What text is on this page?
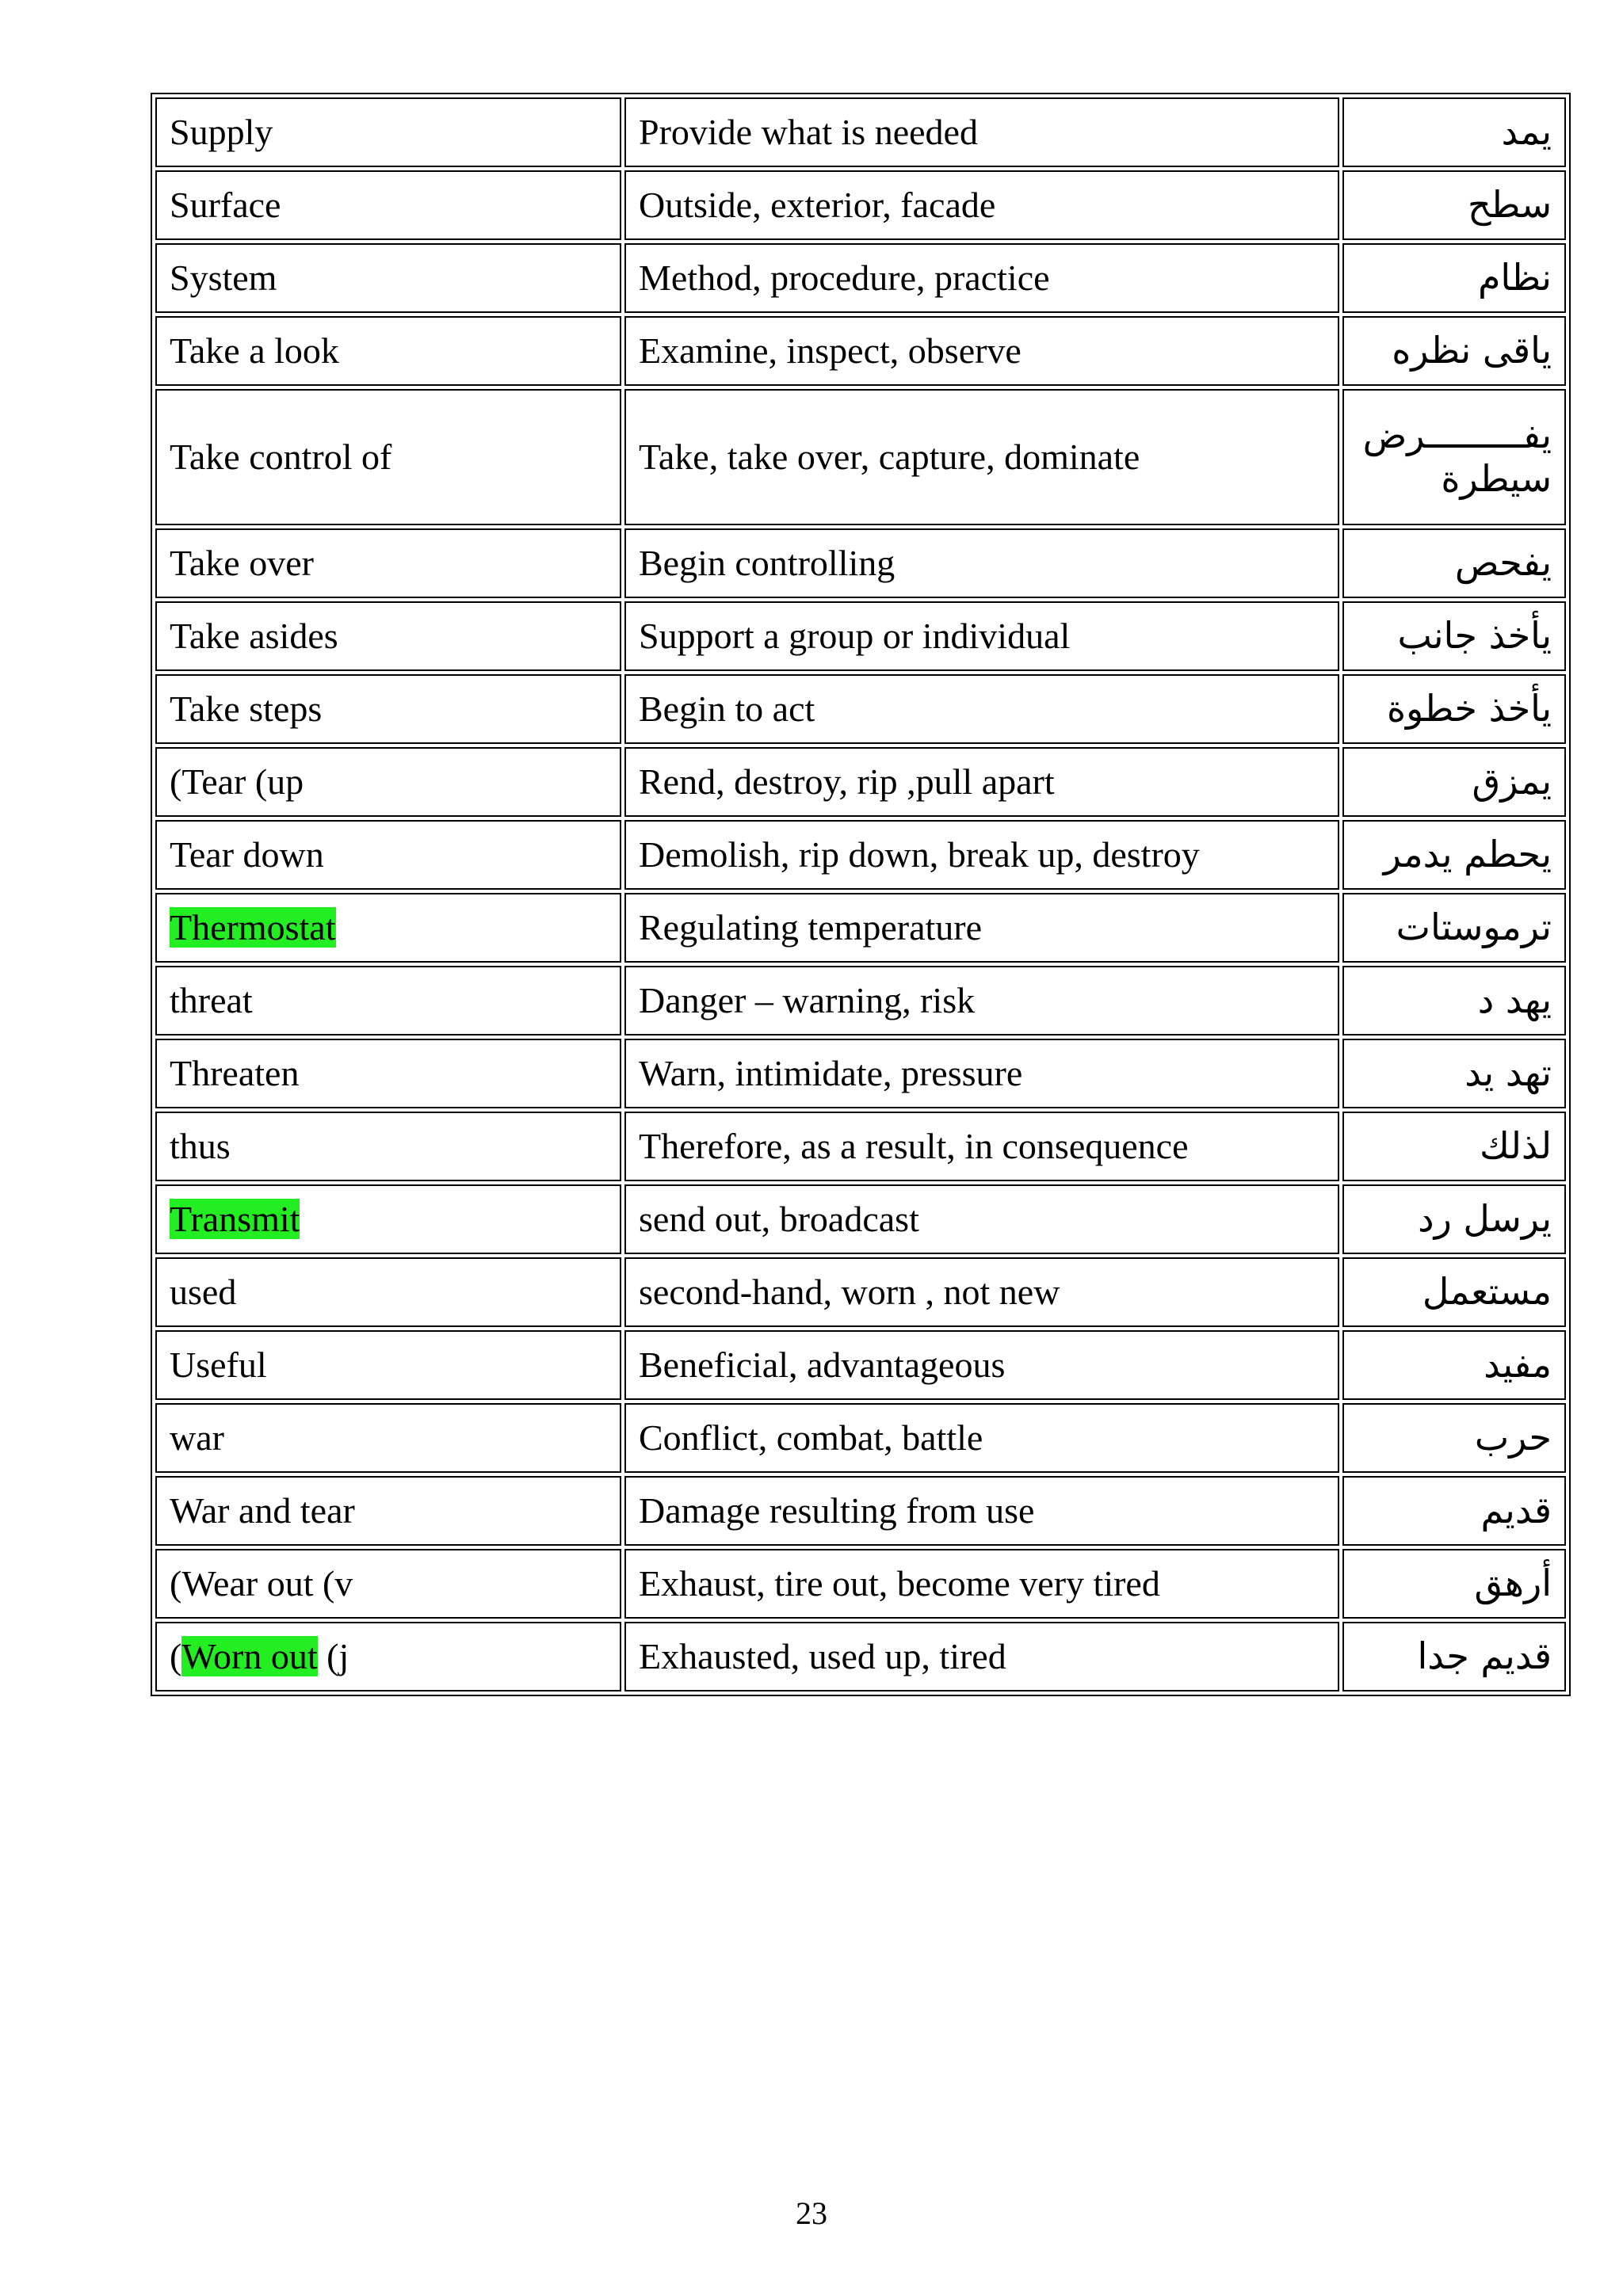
Supply	Provide what is needed	يمد
Surface	Outside, exterior, facade	سطح
System	Method, procedure, practice	نظام
Take a look	Examine, inspect, observe	ياقى نظره
Take control of	Take, take over, capture, dominate	يفـــــــــرض سيطرة
Take over	Begin controlling	يفحص
Take asides	Support a group or individual	يأخذ جانب
Take steps	Begin to act	يأخذ خطوة
(Tear (up	Rend, destroy, rip ,pull apart	يمزق
Tear down	Demolish, rip down, break up, destroy	يحطم يدمر
Thermostat	Regulating temperature	ترموستات
threat	Danger – warning, risk	يهد د
Threaten	Warn, intimidate, pressure	تهد يد
thus	Therefore, as a result, in consequence	لذلك
Transmit	send out, broadcast	يرسل رد
used	second-hand, worn , not new	مستعمل
Useful	Beneficial, advantageous	مفيد
war	Conflict, combat, battle	حرب
War and tear	Damage resulting from use	قديم
(Wear out (v	Exhaust, tire out, become very tired	أرهق
(Worn out (j	Exhausted, used up, tired	قديم جدا
23
